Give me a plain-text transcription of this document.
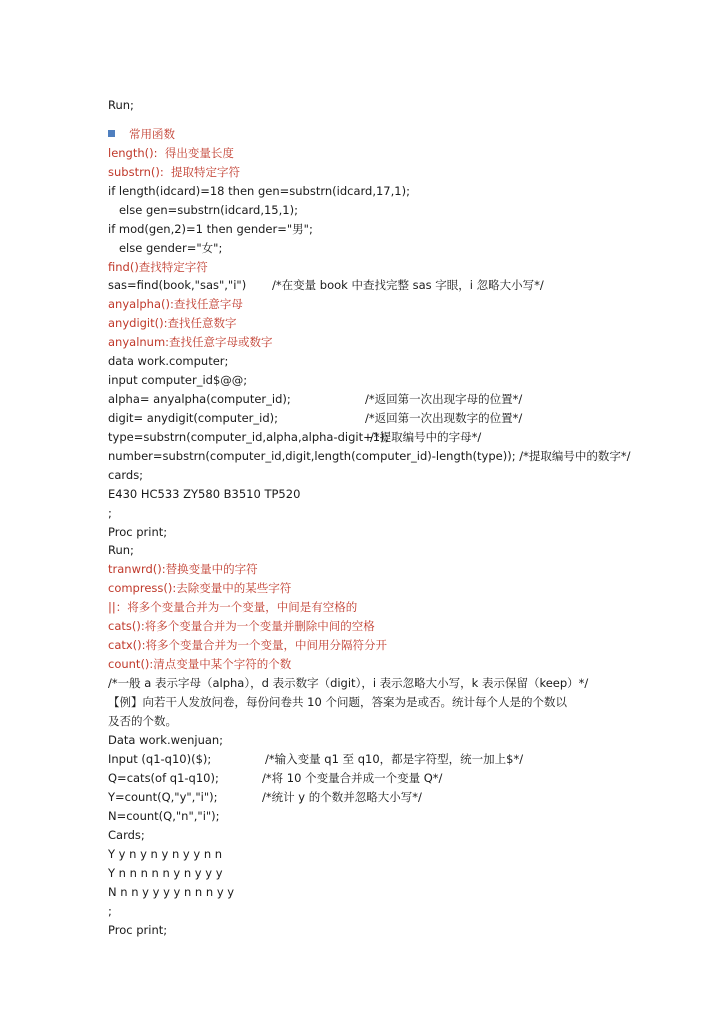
Run;
常用函数
length():  得出变量长度
substrn():  提取特定字符
if length(idcard)=18 then gen=substrn(idcard,17,1);
else gen=substrn(idcard,15,1);
if mod(gen,2)=1 then gender="男";
else gender="女";
find()查找特定字符
sas=find(book,"sas","i") /*在变量 book 中查找完整 sas 字眼，i 忽略大小写*/
anyalpha():查找任意字母
anydigit():查找任意数字
anyalnum:查找任意字母或数字
data work.computer;
input computer_id$@@;
alpha= anyalpha(computer_id);	/*返回第一次出现字母的位置*/
digit= anydigit(computer_id);	/*返回第一次出现数字的位置*/
type=substrn(computer_id,alpha,alpha-digit+1);
/*提取编号中的字母*/
number=substrn(computer_id,digit,length(computer_id)-length(type)); /*提取编号中的数字*/
cards;
E430 HC533 ZY580 B3510 TP520
;
Proc print;
Run;
tranwrd():替换变量中的字符
compress():去除变量中的某些字符
||：将多个变量合并为一个变量，中间是有空格的
cats():将多个变量合并为一个变量并删除中间的空格
catx():将多个变量合并为一个变量，中间用分隔符分开
count():清点变量中某个字符的个数
/*一般 a 表示字母（alpha），d 表示数字（digit），i 表示忽略大小写，k 表示保留（keep）*/
【例】向若干人发放问卷，每份问卷共 10 个问题，答案为是或否。统计每个人是的个数以
及否的个数。
Data work.wenjuan;
Input (q1-q10)($);	/*输入变量 q1 至 q10，都是字符型，统一加上$*/
Q=cats(of q1-q10);	/*将 10 个变量合并成一个变量 Q*/
Y=count(Q,"y","i");	/*统计 y 的个数并忽略大小写*/
N=count(Q,"n","i");
Cards;
Y y n y n y n y y n n
Y n n n n n y n y y y
N n n y y y y n n n y y
;
Proc print;
